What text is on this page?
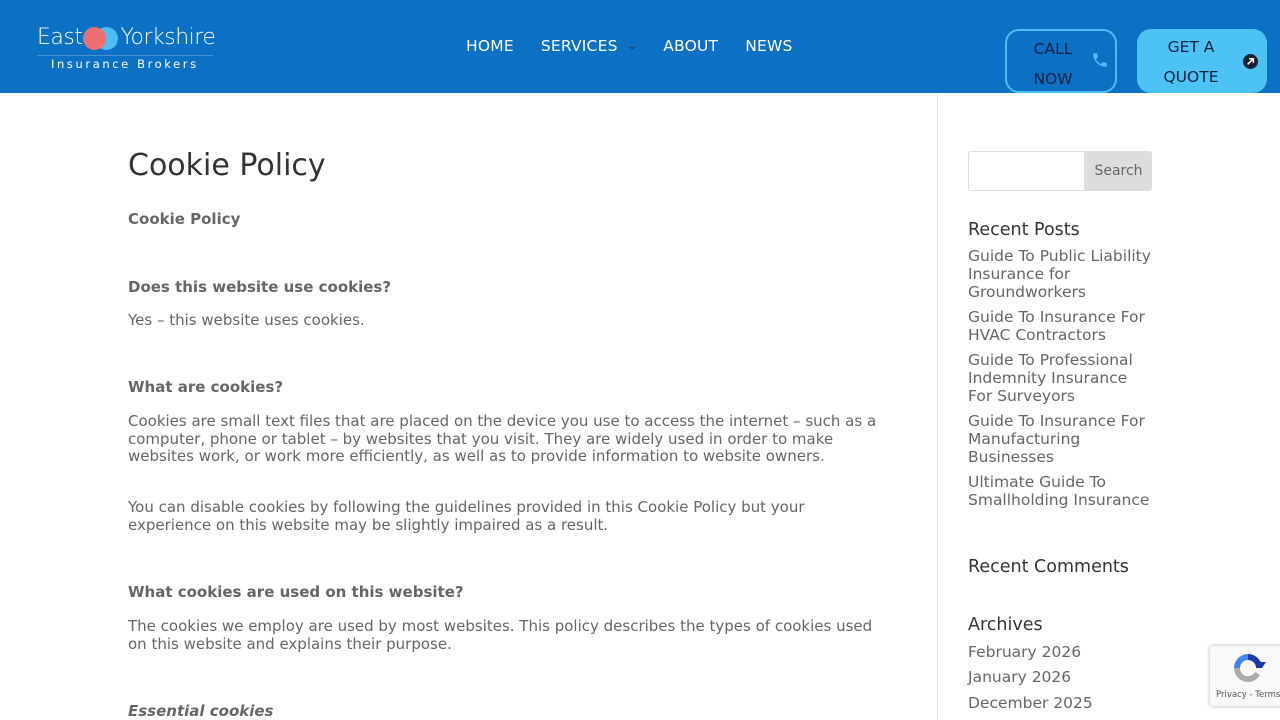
East Yorkshire
Insurance Brokers
HOME SERVICES ⌄ ABOUT NEWS	CALL
NOW
GET A
QUOTE
Cookie Policy
Cookie Policy
Does this website use cookies?
Yes – this website uses cookies.
What are cookies?
Cookies are small text files that are placed on the device you use to access the internet – such as a computer, phone or tablet – by websites that you visit. They are widely used in order to make websites work, or work more efficiently, as well as to provide information to website owners.
You can disable cookies by following the guidelines provided in this Cookie Policy but your experience on this website may be slightly impaired as a result.
What cookies are used on this website?
The cookies we employ are used by most websites. This policy describes the types of cookies used on this website and explains their purpose.
Essential cookies
Search
Recent Posts
Guide To Public Liability Insurance for Groundworkers
Guide To Insurance For HVAC Contractors
Guide To Professional Indemnity Insurance For Surveyors
Guide To Insurance For Manufacturing Businesses
Ultimate Guide To Smallholding Insurance
Recent Comments
Archives
February 2026
January 2026
December 2025	Privacy - Terms
